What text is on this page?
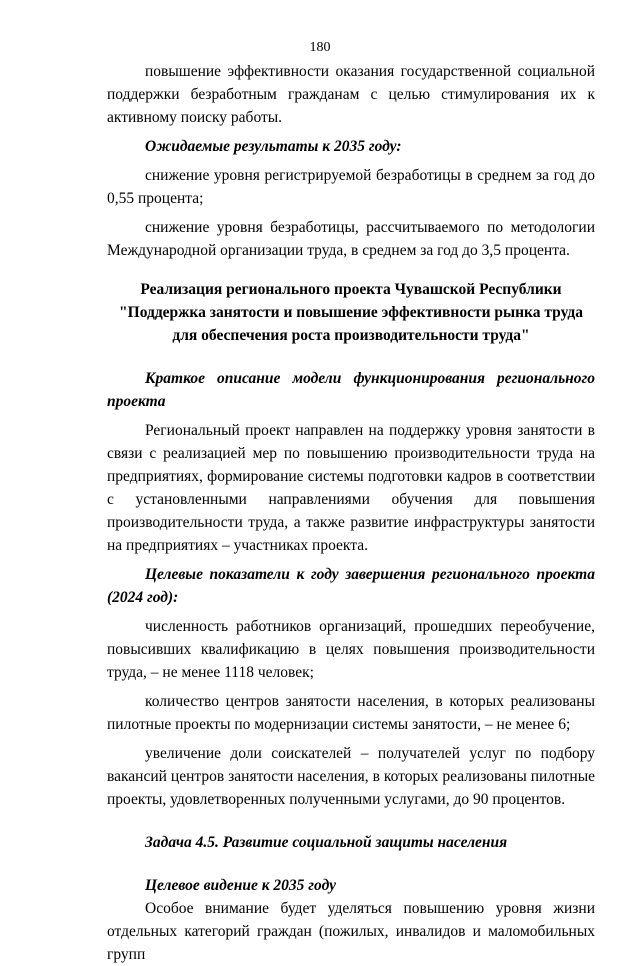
180

повышение эффективности оказания государственной социальной поддержки безработным гражданам с целью стимулирования их к активному поиску работы.

Ожидаемые результаты к 2035 году:

снижение уровня регистрируемой безработицы в среднем за год до 0,55 процента;

снижение уровня безработицы, рассчитываемого по методологии Международной организации труда, в среднем за год до 3,5 процента.

Реализация регионального проекта Чувашской Республики

"Поддержка занятости и повышение эффективности рынка труда

для обеспечения роста производительности труда"

Краткое описание модели функционирования регионального проекта

Региональный проект направлен на поддержку уровня занятости в связи с реализацией мер по повышению производительности труда на предприятиях, формирование системы подготовки кадров в соответствии с установленными направлениями обучения для повышения производительности труда, а также развитие инфраструктуры занятости на предприятиях – участниках проекта.

Целевые показатели к году завершения регионального проекта (2024 год):

численность работников организаций, прошедших переобучение, повысивших квалификацию в целях повышения производительности труда, – не менее 1118 человек;

количество центров занятости населения, в которых реализованы пилотные проекты по модернизации системы занятости, – не менее 6;

увеличение доли соискателей – получателей услуг по подбору вакансий центров занятости населения, в которых реализованы пилотные проекты, удовлетворенных полученными услугами, до 90 процентов.

Задача 4.5. Развитие социальной защиты населения

Целевое видение к 2035 году

Особое внимание будет уделяться повышению уровня жизни отдельных категорий граждан (пожилых, инвалидов и маломобильных групп
